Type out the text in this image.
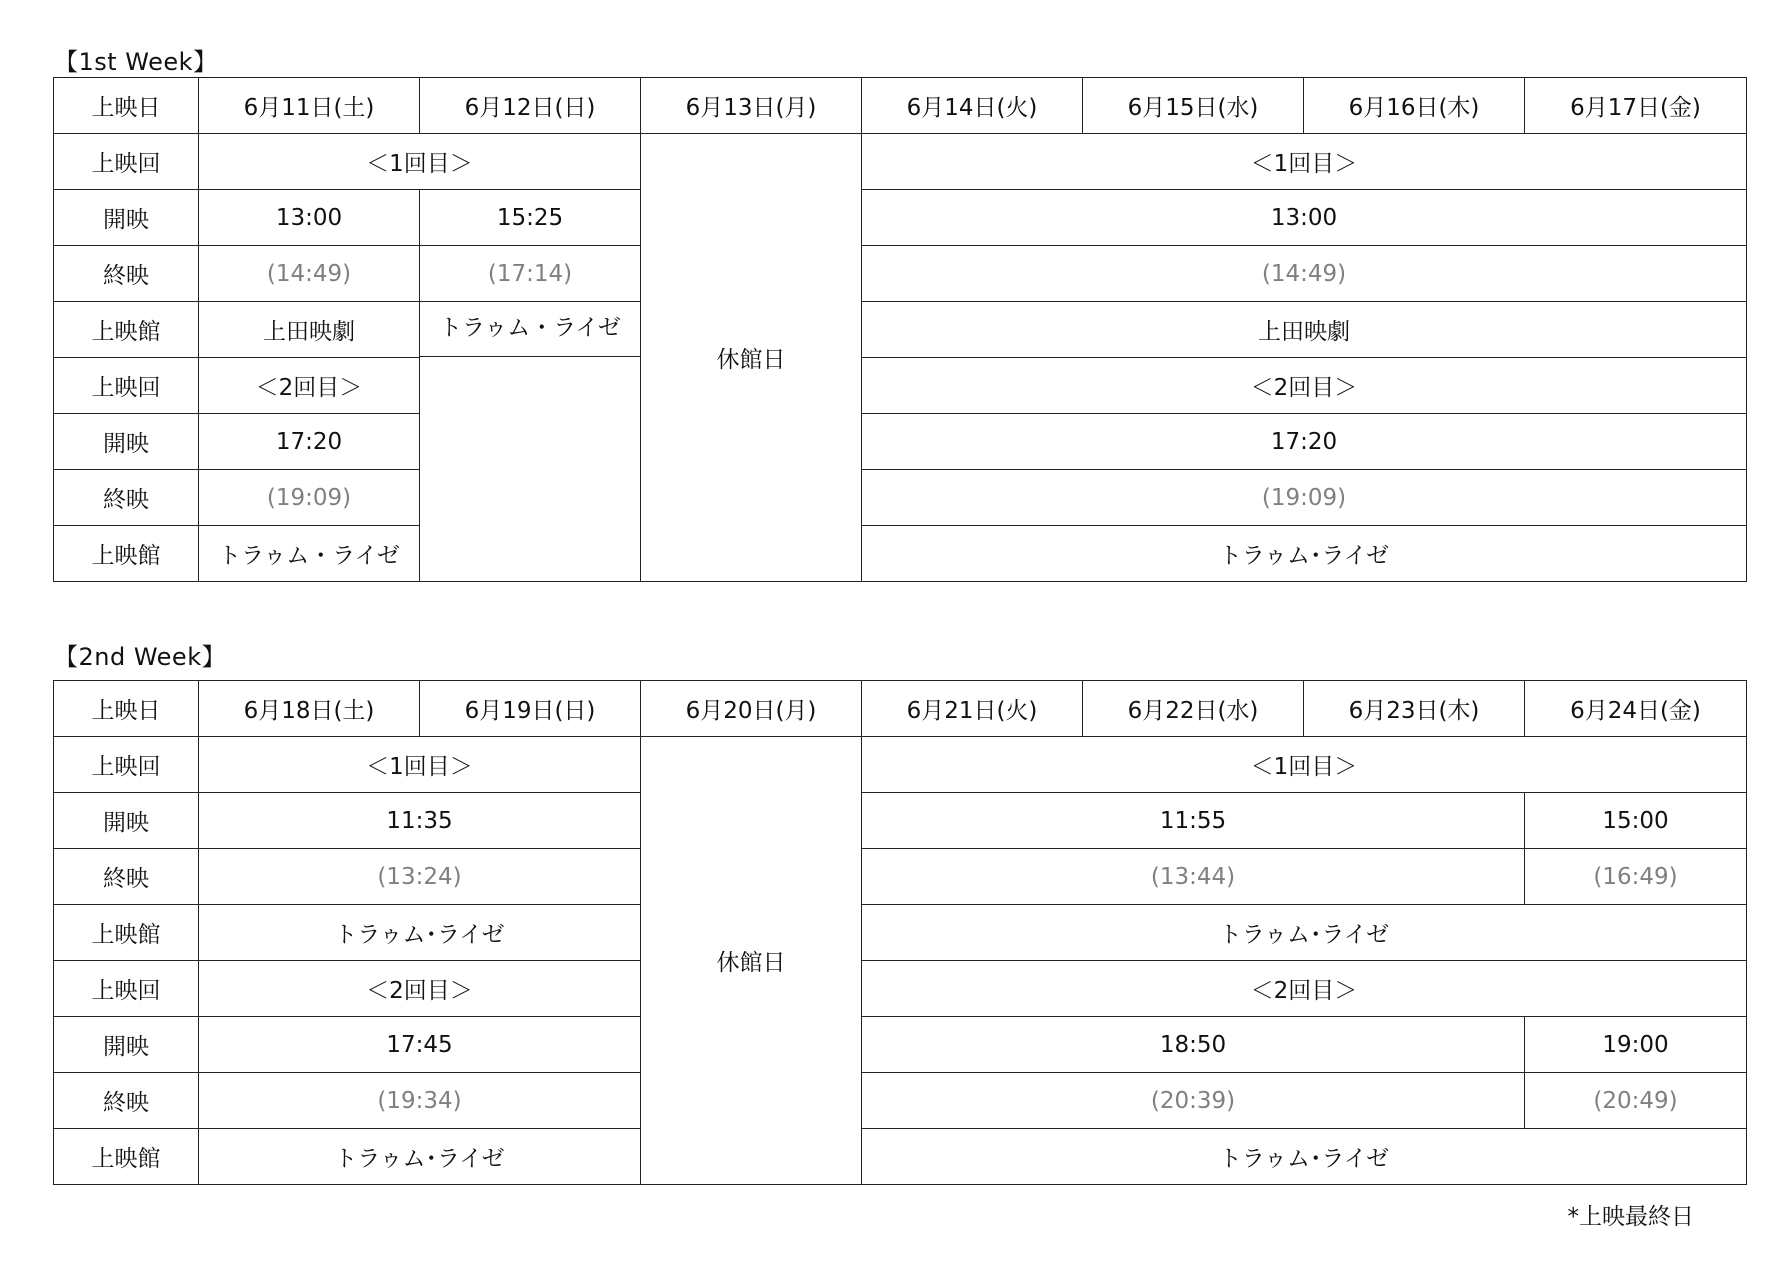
【1st Week】
上映日	6月11日(土)	6月12日(日)	6月13日(月)	6月14日(火)	6月15日(水)	6月16日(木)	6月17日(金)
上映回	＜1回目＞		休館日	＜1回目＞			
開映	13:00	15:25		13:00			
終映	(14:49)	(17:14)		(14:49)			
上映館	上田映劇	トラゥム・ライゼ		上田映劇			
上映回	＜2回目＞			＜2回目＞			
開映	17:20			17:20			
終映	(19:09)			(19:09)			
上映館	トラゥム・ライゼ			トラゥム･ライゼ			
【2nd Week】
上映日	6月18日(土)	6月19日(日)	6月20日(月)	6月21日(火)	6月22日(水)	6月23日(木)	6月24日(金)
上映回	＜1回目＞		休館日	＜1回目＞			
開映	11:35			11:55			15:00
終映	(13:24)			(13:44)			(16:49)
上映館	トラゥム･ライゼ			トラゥム･ライゼ			
上映回	＜2回目＞			＜2回目＞			
開映	17:45			18:50			19:00
終映	(19:34)			(20:39)			(20:49)
上映館	トラゥム･ライゼ			トラゥム･ライゼ			
*上映最終日
